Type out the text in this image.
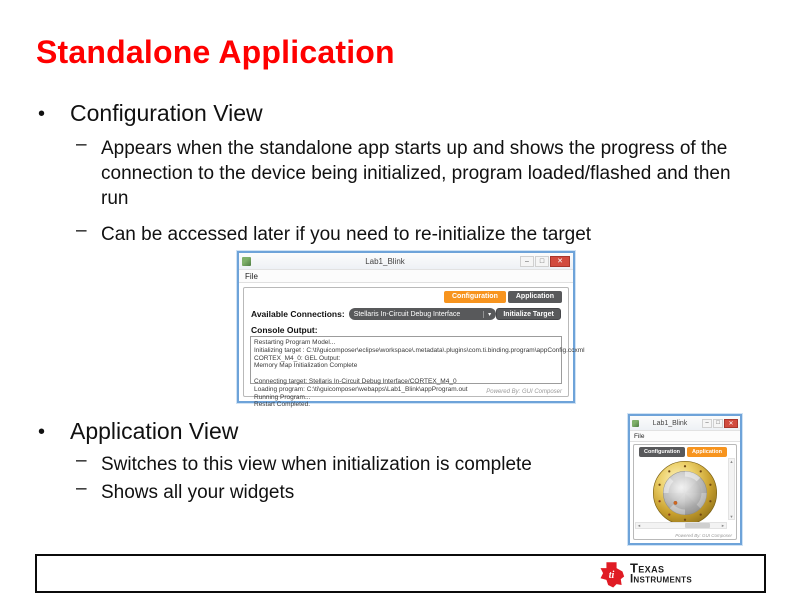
Standalone Application
• Configuration View
– Appears when the standalone app starts up and shows the progress of the connection to the device being initialized, program loaded/flashed and then run
– Can be accessed later if you need to re-initialize the target
Lab1_Blink	–	□	✕
File
Configuration	Application
Available Connections: Stellaris In-Circuit Debug Interface	▾	Initialize Target
Console Output:
Restarting Program Model...
Initializing target : C:\ti\guicomposer\eclipse\workspace\.metadata\.plugins\com.ti.binding.program\appConfig.ccxml
CORTEX_M4_0: GEL Output:
Memory Map Initialization Complete
Connecting target: Stellaris In-Circuit Debug Interface/CORTEX_M4_0
Loading program: C:\ti\guicomposer\webapps\Lab1_Blink\appProgram.out
Running Program...
Restart Completed.
Powered By: GUI Composer
• Application View
– Switches to this view when initialization is complete
– Shows all your widgets
Lab1_Blink	–	□	✕
File
Configuration	Application
▲
▼
◄	►
Powered By: GUI Composer
ti
Texas
Instruments
